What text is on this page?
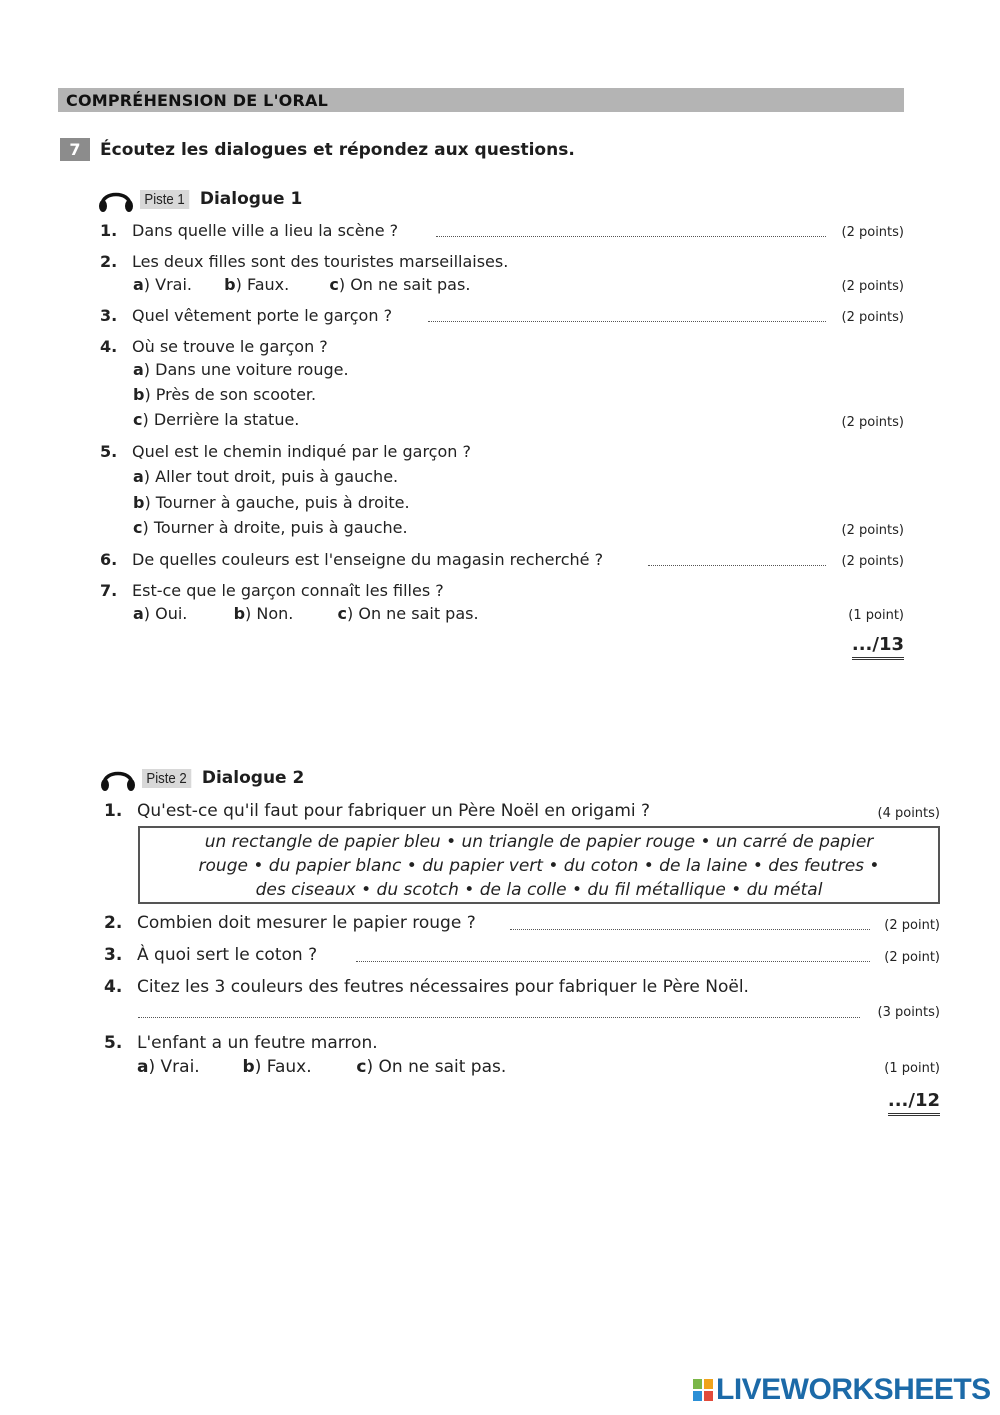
COMPRÉHENSION DE L'ORAL
7	Écoutez les dialogues et répondez aux questions.
Piste 1 Dialogue 1
1. Dans quelle ville a lieu la scène ?	(2 points)
2. Les deux filles sont des touristes marseillaises.
a) Vrai. b) Faux.	c) On ne sait pas.	(2 points)
3. Quel vêtement porte le garçon ?	(2 points)
4. Où se trouve le garçon ?
a) Dans une voiture rouge.
b) Près de son scooter.
c) Derrière la statue.	(2 points)
5. Quel est le chemin indiqué par le garçon ?
a) Aller tout droit, puis à gauche.
b) Tourner à gauche, puis à droite.
c) Tourner à droite, puis à gauche.	(2 points)
6. De quelles couleurs est l'enseigne du magasin recherché ?	(2 points)
7. Est-ce que le garçon connaît les filles ?
a) Oui.	b) Non.	c) On ne sait pas.	(1 point)
.../13
Piste 2 Dialogue 2
1. Qu'est-ce qu'il faut pour fabriquer un Père Noël en origami ?	(4 points)
un rectangle de papier bleu • un triangle de papier rouge • un carré de papier
rouge • du papier blanc • du papier vert • du coton • de la laine • des feutres •
des ciseaux • du scotch • de la colle • du fil métallique • du métal
2. Combien doit mesurer le papier rouge ?	(2 point)
3. À quoi sert le coton ?	(2 point)
4. Citez les 3 couleurs des feutres nécessaires pour fabriquer le Père Noël.
(3 points)
5. L'enfant a un feutre marron.
a) Vrai.	b) Faux.	c) On ne sait pas.	(1 point)
.../12
LIVEWORKSHEETS
